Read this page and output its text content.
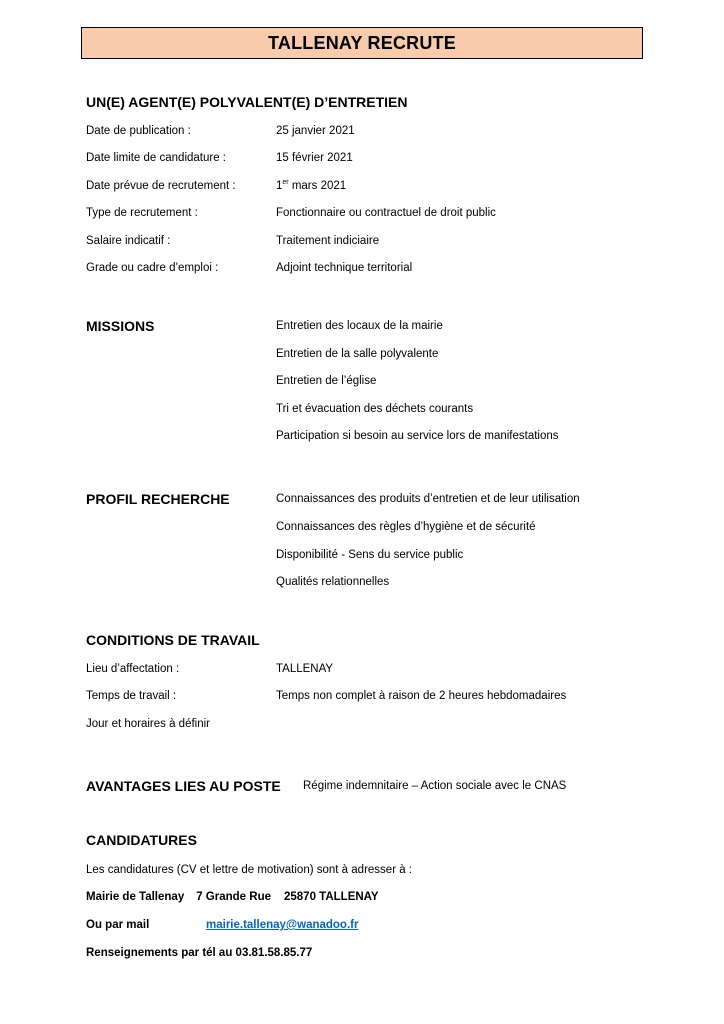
TALLENAY RECRUTE
UN(E) AGENT(E) POLYVALENT(E) D’ENTRETIEN
Date de publication :	25 janvier 2021
Date limite de candidature :	15 février 2021
Date prévue de recrutement :	1er mars 2021
Type de recrutement :	Fonctionnaire ou contractuel de droit public
Salaire indicatif :	Traitement indiciaire
Grade ou cadre d’emploi :	Adjoint technique territorial
MISSIONS	Entretien des locaux de la mairie
Entretien de la salle polyvalente
Entretien de l’église
Tri et évacuation des déchets courants
Participation si besoin au service lors de manifestations
PROFIL RECHERCHE	Connaissances des produits d’entretien et de leur utilisation
Connaissances des règles d’hygiène et de sécurité
Disponibilité - Sens du service public
Qualités relationnelles
CONDITIONS DE TRAVAIL
Lieu d’affectation :	TALLENAY
Temps de travail :	Temps non complet à raison de 2 heures hebdomadaires
Jour et horaires à définir
AVANTAGES LIES AU POSTE Régime indemnitaire – Action sociale avec le CNAS
CANDIDATURES
Les candidatures (CV et lettre de motivation) sont à adresser à :
Mairie de Tallenay 7 Grande Rue 25870 TALLENAY
Ou par mail	mairie.tallenay@wanadoo.fr
Renseignements par tél au 03.81.58.85.77
